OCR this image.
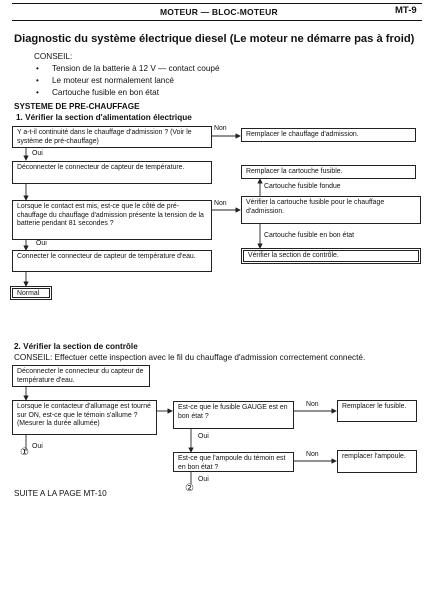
MOTEUR — BLOC-MOTEUR	MT-9
Diagnostic du système électrique diesel (Le moteur ne démarre pas à froid)
CONSEIL:
• Tension de la batterie à 12 V — contact coupé
• Le moteur est normalement lancé
• Cartouche fusible en bon état
SYSTEME DE PRE-CHAUFFAGE
1. Vérifier la section d'alimentation électrique
Y a-t-il continuité dans le chauffage d'admission ? (Voir le système de pré-chauffage)
Non
Remplacer le chauffage d'admission.
Oui
Déconnecter le connecteur de capteur de température.
Remplacer la cartouche fusible.
Cartouche fusible fondue
Lorsque le contact est mis, est-ce que le côté de pré-chauffage du chauffage d'admission présente la tension de la batterie pendant 81 secondes ?
Non	Vérifier la cartouche fusible pour le chauffage d'admission.
Cartouche fusible en bon état
Oui
Connecter le connecteur de capteur de température d'eau.	Vérifier la section de contrôle.
Normal
2. Vérifier la section de contrôle
CONSEIL: Effectuer cette inspection avec le fil du chauffage d'admission correctement connecté.
Déconnecter le connecteur du capteur de température d'eau.
Lorsque le contacteur d'allumage est tourné sur ON, est-ce que le témoin s'allume ? (Mesurer la durée allumée)
Oui
Est-ce que le fusible GAUGE est en bon état ?
Non	Remplacer le fusible.
Oui
Est-ce que l'ampoule du témoin est en bon état ?
Non	remplacer l'ampoule.
Oui
①
②
SUITE A LA PAGE MT-10
